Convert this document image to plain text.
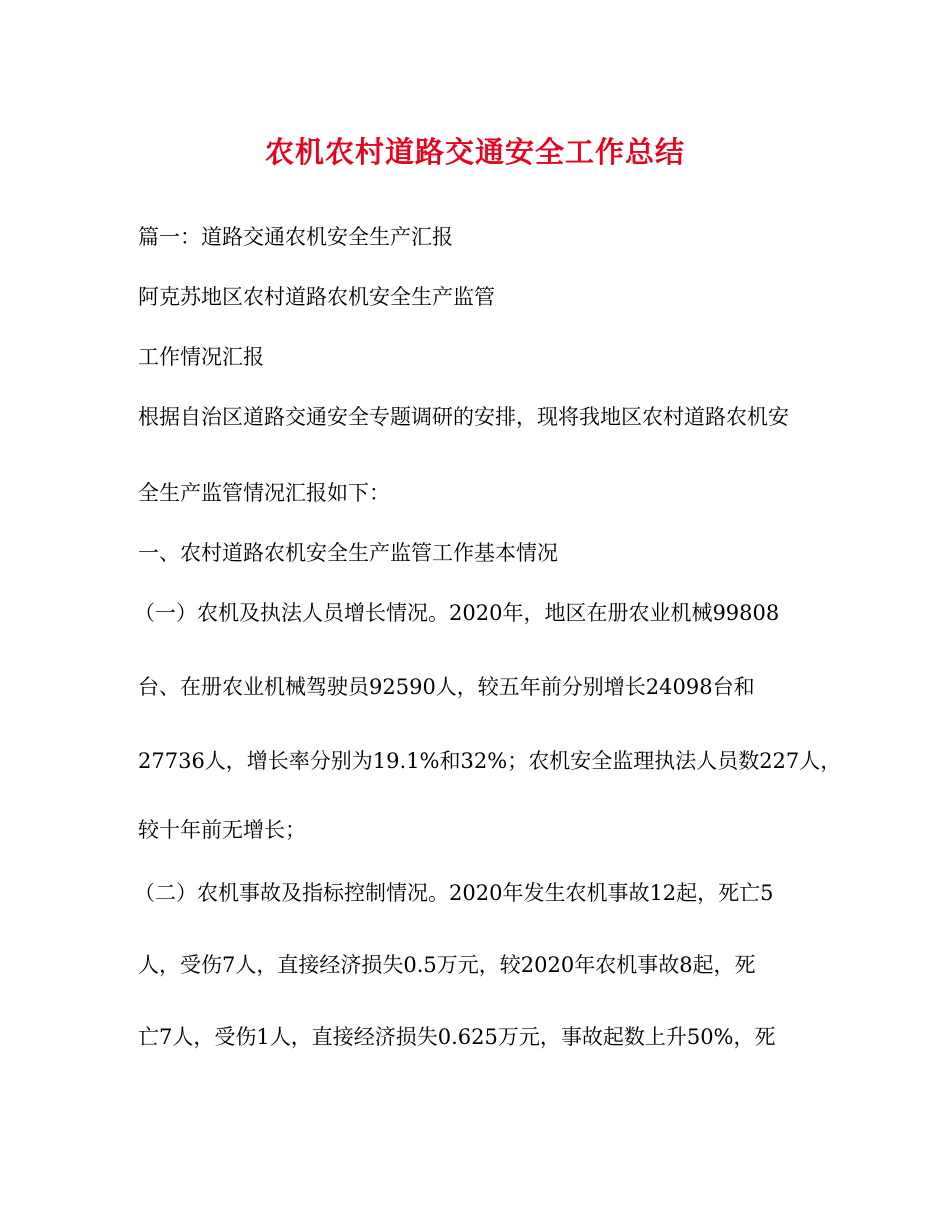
农机农村道路交通安全工作总结
篇一：道路交通农机安全生产汇报
阿克苏地区农村道路农机安全生产监管
工作情况汇报
根据自治区道路交通安全专题调研的安排，现将我地区农村道路农机安
全生产监管情况汇报如下：
一、农村道路农机安全生产监管工作基本情况
（一）农机及执法人员增长情况。2020年，地区在册农业机械99808
台、在册农业机械驾驶员92590人，较五年前分别增长24098台和
27736人，增长率分别为19.1%和32%；农机安全监理执法人员数227人，
较十年前无增长；
（二）农机事故及指标控制情况。2020年发生农机事故12起，死亡5
人，受伤7人，直接经济损失0.5万元，较2020年农机事故8起，死
亡7人，受伤1人，直接经济损失0.625万元，事故起数上升50%，死
